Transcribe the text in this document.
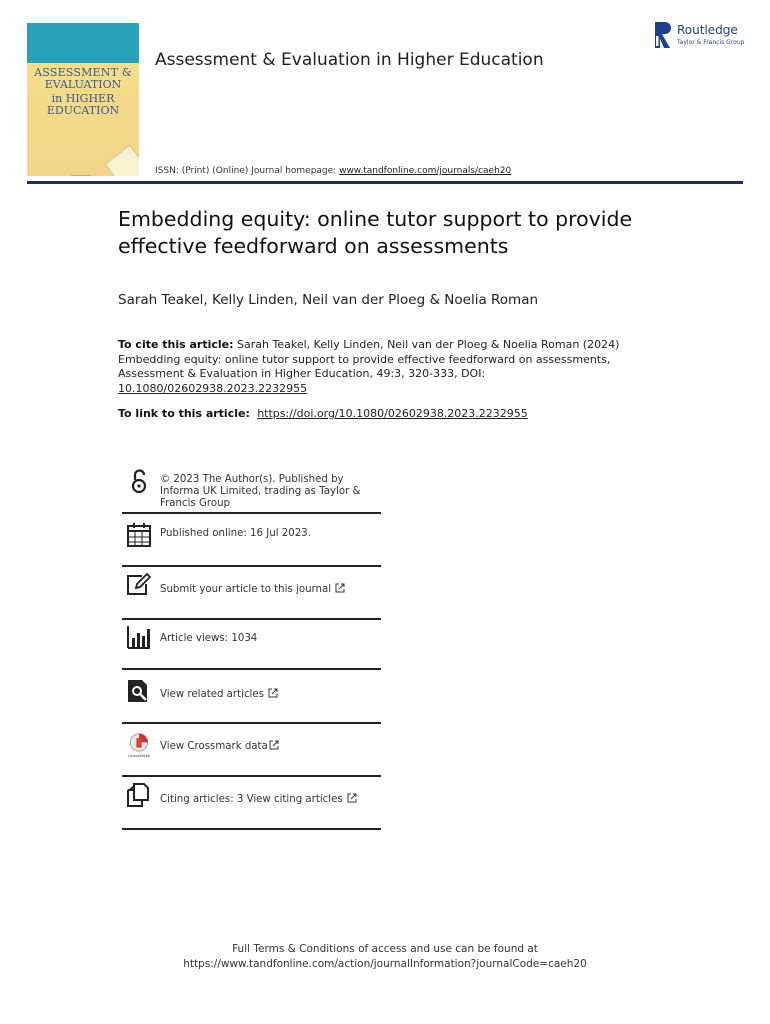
ASSESSMENT &
EVALUATION
in HIGHER
EDUCATION
Assessment & Evaluation in Higher Education
ISSN: (Print) (Online) Journal homepage: www.tandfonline.com/journals/caeh20
Routledge
Taylor & Francis Group
Embedding equity: online tutor support to provide effective feedforward on assessments
Sarah Teakel, Kelly Linden, Neil van der Ploeg & Noelia Roman
To cite this article: Sarah Teakel, Kelly Linden, Neil van der Ploeg & Noelia Roman (2024) Embedding equity: online tutor support to provide effective feedforward on assessments, Assessment & Evaluation in Higher Education, 49:3, 320-333, DOI: 10.1080/02602938.2023.2232955
To link to this article:  https://doi.org/10.1080/02602938.2023.2232955
© 2023 The Author(s). Published by Informa UK Limited, trading as Taylor & Francis Group
Published online: 16 Jul 2023.
Submit your article to this journal
Article views: 1034
View related articles
CrossMark
View Crossmark data
Citing articles: 3 View citing articles
Full Terms & Conditions of access and use can be found at
https://www.tandfonline.com/action/journalInformation?journalCode=caeh20
